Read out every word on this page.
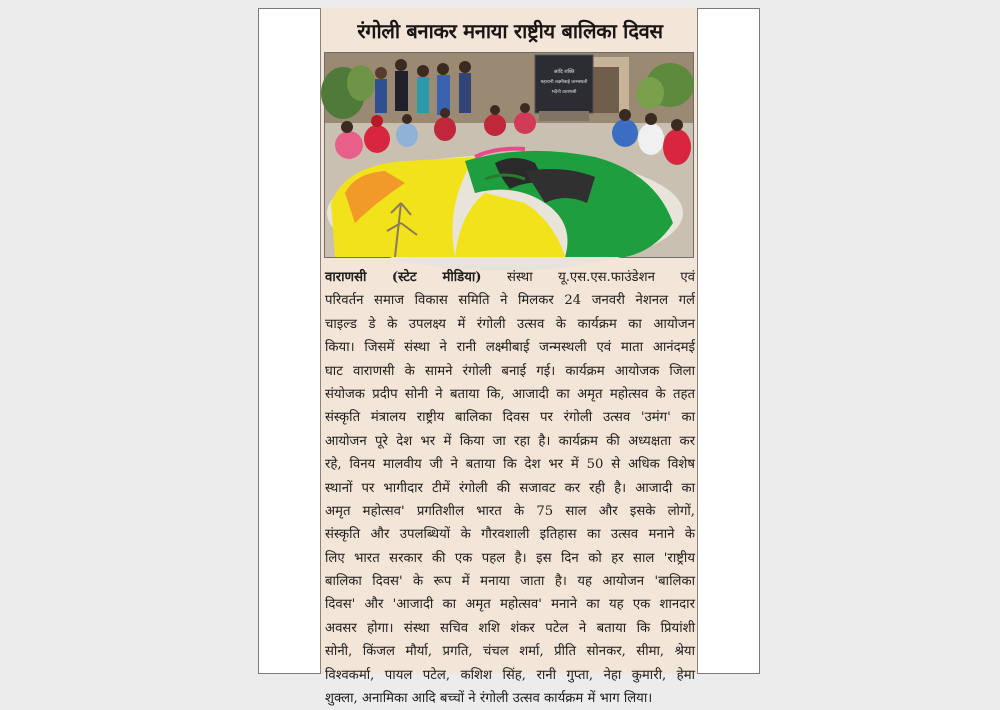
रंगोली बनाकर मनाया राष्ट्रीय बालिका दिवस
आदि शक्ति
महारानी लक्ष्मीबाई जन्मस्थली
भदैनी वाराणसी
वाराणसी (स्टेट मीडिया) संस्था यू.एस.एस.फाउंडेशन एवं
परिवर्तन समाज विकास समिति ने मिलकर 24 जनवरी नेशनल गर्ल
चाइल्ड डे के उपलक्ष्य में रंगोली उत्सव के कार्यक्रम का आयोजन
किया। जिसमें संस्था ने रानी लक्ष्मीबाई जन्मस्थली एवं माता आनंदमई
घाट वाराणसी के सामने रंगोली बनाई गई। कार्यक्रम आयोजक जिला
संयोजक प्रदीप सोनी ने बताया कि, आजादी का अमृत महोत्सव के तहत
संस्कृति मंत्रालय राष्ट्रीय बालिका दिवस पर रंगोली उत्सव 'उमंग' का
आयोजन पूरे देश भर में किया जा रहा है। कार्यक्रम की अध्यक्षता कर
रहे, विनय मालवीय जी ने बताया कि देश भर में 50 से अधिक विशेष
स्थानों पर भागीदार टीमें रंगोली की सजावट कर रही है। आजादी का
अमृत महोत्सव' प्रगतिशील भारत के 75 साल और इसके लोगों,
संस्कृति और उपलब्धियों के गौरवशाली इतिहास का उत्सव मनाने के
लिए भारत सरकार की एक पहल है। इस दिन को हर साल 'राष्ट्रीय
बालिका दिवस' के रूप में मनाया जाता है। यह आयोजन 'बालिका
दिवस' और 'आजादी का अमृत महोत्सव' मनाने का यह एक शानदार
अवसर होगा। संस्था सचिव शशि शंकर पटेल ने बताया कि प्रियांशी
सोनी, किंजल मौर्या, प्रगति, चंचल शर्मा, प्रीति सोनकर, सीमा, श्रेया
विश्वकर्मा, पायल पटेल, कशिश सिंह, रानी गुप्ता, नेहा कुमारी, हेमा
शुक्ला, अनामिका आदि बच्चों ने रंगोली उत्सव कार्यक्रम में भाग लिया।
